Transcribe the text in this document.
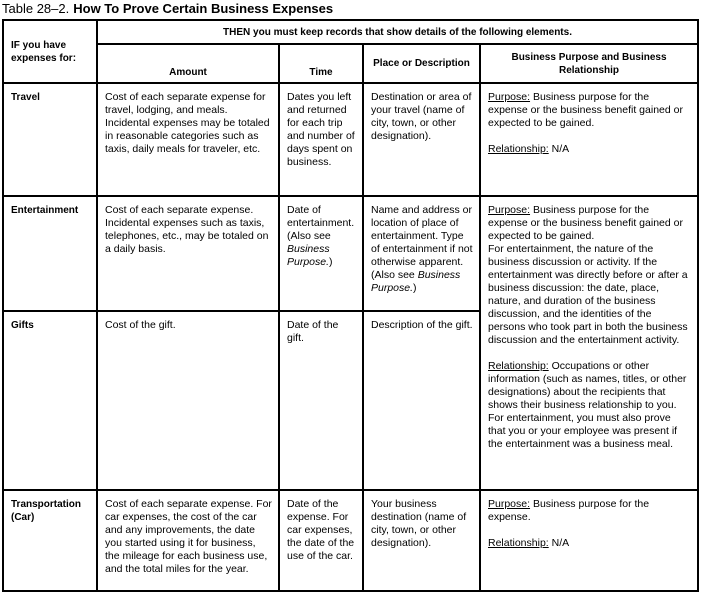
Table 28–2. How To Prove Certain Business Expenses
IF you have expenses for:	THEN you must keep records that show details of the following elements.			
	Amount	Time	Place or Description	Business Purpose and Business Relationship

Travel	Cost of each separate expense for travel, lodging, and meals. Incidental expenses may be totaled in reasonable categories such as taxis, daily meals for traveler, etc.	Dates you left and returned for each trip and number of days spent on business.	Destination or area of your travel (name of city, town, or other designation).	Purpose: Business purpose for the expense or the business benefit gained or expected to be gained.
Relationship: N/A

Entertainment	Cost of each separate expense. Incidental expenses such as taxis, telephones, etc., may be totaled on a daily basis.	Date of entertainment. (Also see Business Purpose.)	Name and address or location of place of entertainment. Type of entertainment if not otherwise apparent. (Also see Business Purpose.)	Purpose: Business purpose for the expense or the business benefit gained or expected to be gained.
For entertainment, the nature of the business discussion or activity. If the entertainment was directly before or after a business discussion: the date, place, nature, and duration of the business discussion, and the identities of the persons who took part in both the business discussion and the entertainment activity.
Relationship: Occupations or other information (such as names, titles, or other designations) about the recipients that shows their business relationship to you.
For entertainment, you must also prove that you or your employee was present if the entertainment was a business meal.

Gifts	Cost of the gift.	Date of the gift.	Description of the gift.	

Transportation (Car)	Cost of each separate expense. For car expenses, the cost of the car and any improvements, the date you started using it for business, the mileage for each business use, and the total miles for the year.	Date of the expense. For car expenses, the date of the use of the car.	Your business destination (name of city, town, or other designation).	Purpose: Business purpose for the expense.
Relationship: N/A
